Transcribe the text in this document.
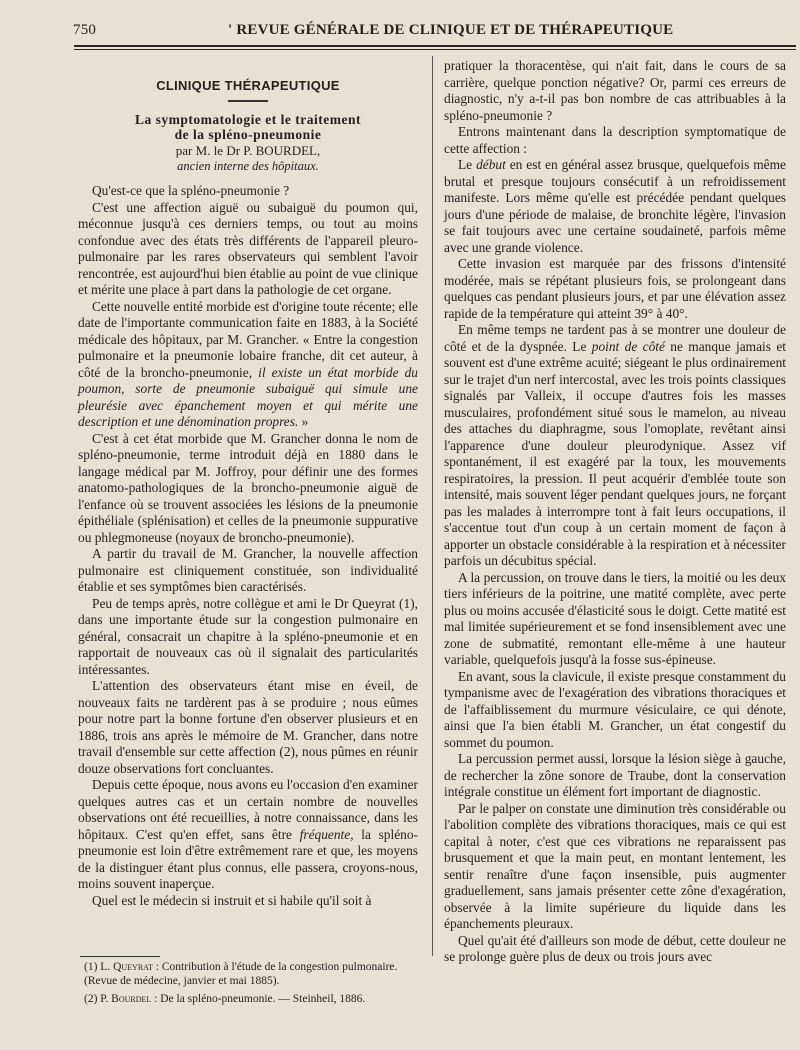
750	' REVUE GÉNÉRALE DE CLINIQUE ET DE THÉRAPEUTIQUE
CLINIQUE THÉRAPEUTIQUE
La symptomatologie et le traitement
de la spléno-pneumonie
par M. le Dr P. BOURDEL,
ancien interne des hôpitaux.

Qu'est-ce que la spléno-pneumonie ?

C'est une affection aiguë ou subaiguë du poumon qui, méconnue jusqu'à ces derniers temps, ou tout au moins confondue avec des états très différents de l'appareil pleuro-pulmonaire par les rares observateurs qui semblent l'avoir rencontrée, est aujourd'hui bien établie au point de vue clinique et mérite une place à part dans la pathologie de cet organe.

Cette nouvelle entité morbide est d'origine toute récente; elle date de l'importante communication faite en 1883, à la Société médicale des hôpitaux, par M. Grancher. « Entre la congestion pulmonaire et la pneumonie lobaire franche, dit cet auteur, à côté de la broncho-pneumonie, il existe un état morbide du poumon, sorte de pneumonie subaiguë qui simule une pleurésie avec épanchement moyen et qui mérite une description et une dénomination propres. »

C'est à cet état morbide que M. Grancher donna le nom de spléno-pneumonie, terme introduit déjà en 1880 dans le langage médical par M. Joffroy, pour définir une des formes anatomo-pathologiques de la broncho-pneumonie aiguë de l'enfance où se trouvent associées les lésions de la pneumonie épithéliale (splénisation) et celles de la pneumonie suppurative ou phlegmoneuse (noyaux de broncho-pneumonie).

A partir du travail de M. Grancher, la nouvelle affection pulmonaire est cliniquement constituée, son individualité établie et ses symptômes bien caractérisés.

Peu de temps après, notre collègue et ami le Dr Queyrat (1), dans une importante étude sur la congestion pulmonaire en général, consacrait un chapitre à la spléno-pneumonie et en rapportait de nouveaux cas où il signalait des particularités intéressantes.

L'attention des observateurs étant mise en éveil, de nouveaux faits ne tardèrent pas à se produire ; nous eûmes pour notre part la bonne fortune d'en observer plusieurs et en 1886, trois ans après le mémoire de M. Grancher, dans notre travail d'ensemble sur cette affection (2), nous pûmes en réunir douze observations fort concluantes.

Depuis cette époque, nous avons eu l'occasion d'en examiner quelques autres cas et un certain nombre de nouvelles observations ont été recueillies, à notre connaissance, dans les hôpitaux. C'est qu'en effet, sans être fréquente, la spléno-pneumonie est loin d'être extrêmement rare et que, les moyens de la distinguer étant plus connus, elle passera, croyons-nous, moins souvent inaperçue.

Quel est le médecin si instruit et si habile qu'il soit à

pratiquer la thoracentèse, qui n'ait fait, dans le cours de sa carrière, quelque ponction négative? Or, parmi ces erreurs de diagnostic, n'y a-t-il pas bon nombre de cas attribuables à la spléno-pneumonie ?

Entrons maintenant dans la description symptomatique de cette affection :

Le début en est en général assez brusque, quelquefois même brutal et presque toujours consécutif à un refroidissement manifeste. Lors même qu'elle est précédée pendant quelques jours d'une période de malaise, de bronchite légère, l'invasion se fait toujours avec une certaine soudaineté, parfois même avec une grande violence.

Cette invasion est marquée par des frissons d'intensité modérée, mais se répétant plusieurs fois, se prolongeant dans quelques cas pendant plusieurs jours, et par une élévation assez rapide de la température qui atteint 39° à 40°.

En même temps ne tardent pas à se montrer une douleur de côté et de la dyspnée. Le point de côté ne manque jamais et souvent est d'une extrême acuité; siégeant le plus ordinairement sur le trajet d'un nerf intercostal, avec les trois points classiques signalés par Valleix, il occupe d'autres fois les masses musculaires, profondément situé sous le mamelon, au niveau des attaches du diaphragme, sous l'omoplate, revêtant ainsi l'apparence d'une douleur pleurodynique. Assez vif spontanément, il est exagéré par la toux, les mouvements respiratoires, la pression. Il peut acquérir d'emblée toute son intensité, mais souvent léger pendant quelques jours, ne forçant pas les malades à interrompre tont à fait leurs occupations, il s'accentue tout d'un coup à un certain moment de façon à apporter un obstacle considérable à la respiration et à nécessiter parfois un décubitus spécial.

A la percussion, on trouve dans le tiers, la moitié ou les deux tiers inférieurs de la poitrine, une matité complète, avec perte plus ou moins accusée d'élasticité sous le doigt. Cette matité est mal limitée supérieurement et se fond insensiblement avec une zone de submatité, remontant elle-même à une hauteur variable, quelquefois jusqu'à la fosse sus-épineuse.

En avant, sous la clavicule, il existe presque constamment du tympanisme avec de l'exagération des vibrations thoraciques et de l'affaiblissement du murmure vésiculaire, ce qui dénote, ainsi que l'a bien établi M. Grancher, un état congestif du sommet du poumon.

La percussion permet aussi, lorsque la lésion siège à gauche, de rechercher la zône sonore de Traube, dont la conservation intégrale constitue un élément fort important de diagnostic.

Par le palper on constate une diminution très considérable ou l'abolition complète des vibrations thoraciques, mais ce qui est capital à noter, c'est que ces vibrations ne reparaissent pas brusquement et que la main peut, en montant lentement, les sentir renaître d'une façon insensible, puis augmenter graduellement, sans jamais présenter cette zône d'exagération, observée à la limite supérieure du liquide dans les épanchements pleuraux.

Quel qu'ait été d'ailleurs son mode de début, cette douleur ne se prolonge guère plus de deux ou trois jours avec

(1) L. Queyrat : Contribution à l'étude de la congestion pulmonaire. (Revue de médecine, janvier et mai 1885).
(2) P. Bourdel : De la spléno-pneumonie. — Steinheil, 1886.
